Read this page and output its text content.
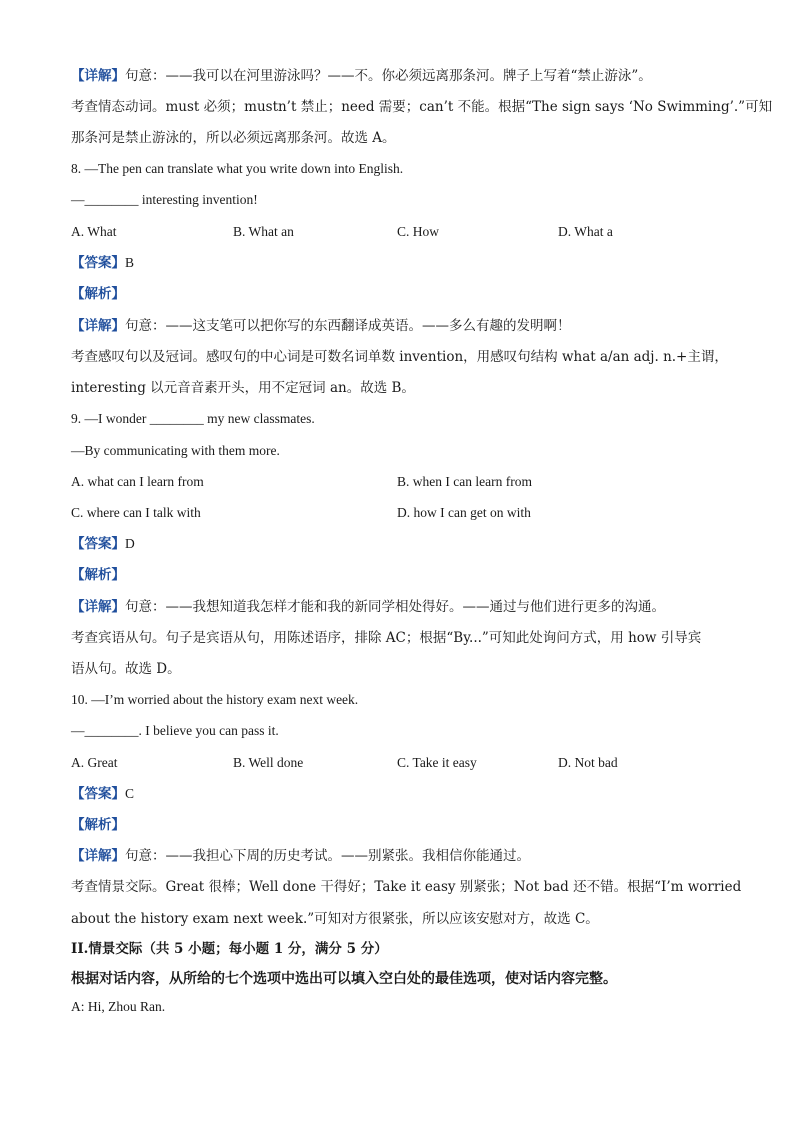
【详解】句意：——我可以在河里游泳吗？——不。你必须远离那条河。牌子上写着“禁止游泳”。
考查情态动词。must 必须；mustn’t 禁止；need 需要；can’t 不能。根据“The sign says ‘No Swimming’.”可知
那条河是禁止游泳的，所以必须远离那条河。故选 A。
8. —The pen can translate what you write down into English.
—________ interesting invention!
A. What	B. What an	C. How	D. What a
【答案】B
【解析】
【详解】句意：——这支笔可以把你写的东西翻译成英语。——多么有趣的发明啊！
考查感叹句以及冠词。感叹句的中心词是可数名词单数 invention，用感叹句结构 what a/an adj. n.+主谓，
interesting 以元音音素开头，用不定冠词 an。故选 B。
9. —I wonder ________ my new classmates.
—By communicating with them more.
A. what can I learn from	B. when I can learn from
C. where can I talk with	D. how I can get on with
【答案】D
【解析】
【详解】句意：——我想知道我怎样才能和我的新同学相处得好。——通过与他们进行更多的沟通。
考查宾语从句。句子是宾语从句，用陈述语序，排除 AC；根据“By...”可知此处询问方式，用 how 引导宾
语从句。故选 D。
10. —I’m worried about the history exam next week.
—________. I believe you can pass it.
A. Great	B. Well done	C. Take it easy	D. Not bad
【答案】C
【解析】
【详解】句意：——我担心下周的历史考试。——别紧张。我相信你能通过。
考查情景交际。Great 很棒；Well done 干得好；Take it easy 别紧张；Not bad 还不错。根据“I’m worried
about the history exam next week.”可知对方很紧张，所以应该安慰对方，故选 C。
II.情景交际（共 5 小题；每小题 1 分，满分 5 分）
根据对话内容，从所给的七个选项中选出可以填入空白处的最佳选项，使对话内容完整。
A: Hi, Zhou Ran.
